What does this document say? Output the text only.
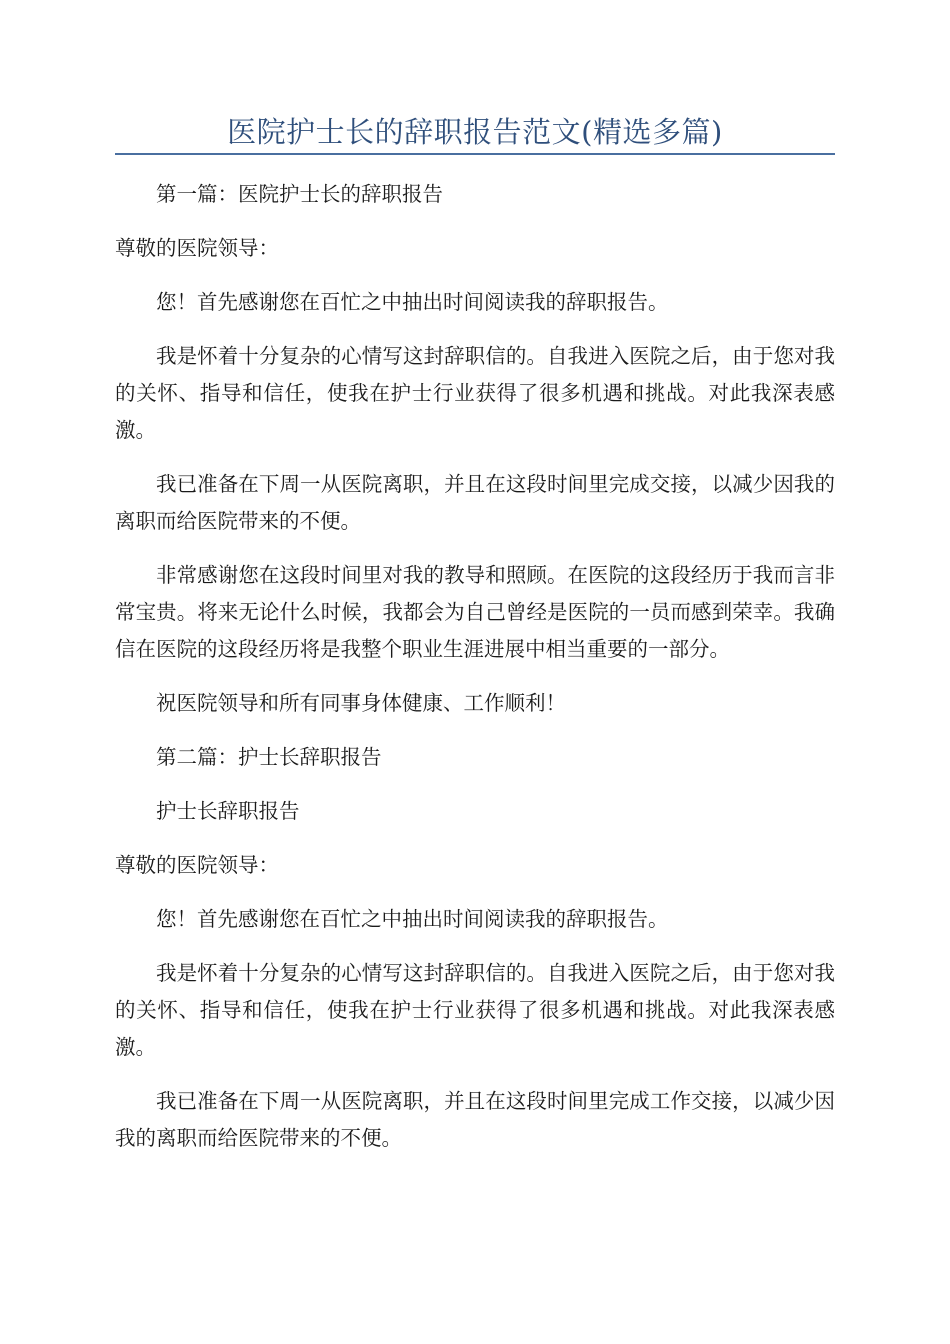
医院护士长的辞职报告范文(精选多篇)

第一篇：医院护士长的辞职报告

尊敬的医院领导：

您！首先感谢您在百忙之中抽出时间阅读我的辞职报告。

我是怀着十分复杂的心情写这封辞职信的。自我进入医院之后，由于您对我的关怀、指导和信任，使我在护士行业获得了很多机遇和挑战。对此我深表感激。

我已准备在下周一从医院离职，并且在这段时间里完成交接，以减少因我的离职而给医院带来的不便。

非常感谢您在这段时间里对我的教导和照顾。在医院的这段经历于我而言非常宝贵。将来无论什么时候，我都会为自己曾经是医院的一员而感到荣幸。我确信在医院的这段经历将是我整个职业生涯进展中相当重要的一部分。

祝医院领导和所有同事身体健康、工作顺利！

第二篇：护士长辞职报告

护士长辞职报告

尊敬的医院领导：

您！首先感谢您在百忙之中抽出时间阅读我的辞职报告。

我是怀着十分复杂的心情写这封辞职信的。自我进入医院之后，由于您对我的关怀、指导和信任，使我在护士行业获得了很多机遇和挑战。对此我深表感激。

我已准备在下周一从医院离职，并且在这段时间里完成工作交接，以减少因我的离职而给医院带来的不便。
